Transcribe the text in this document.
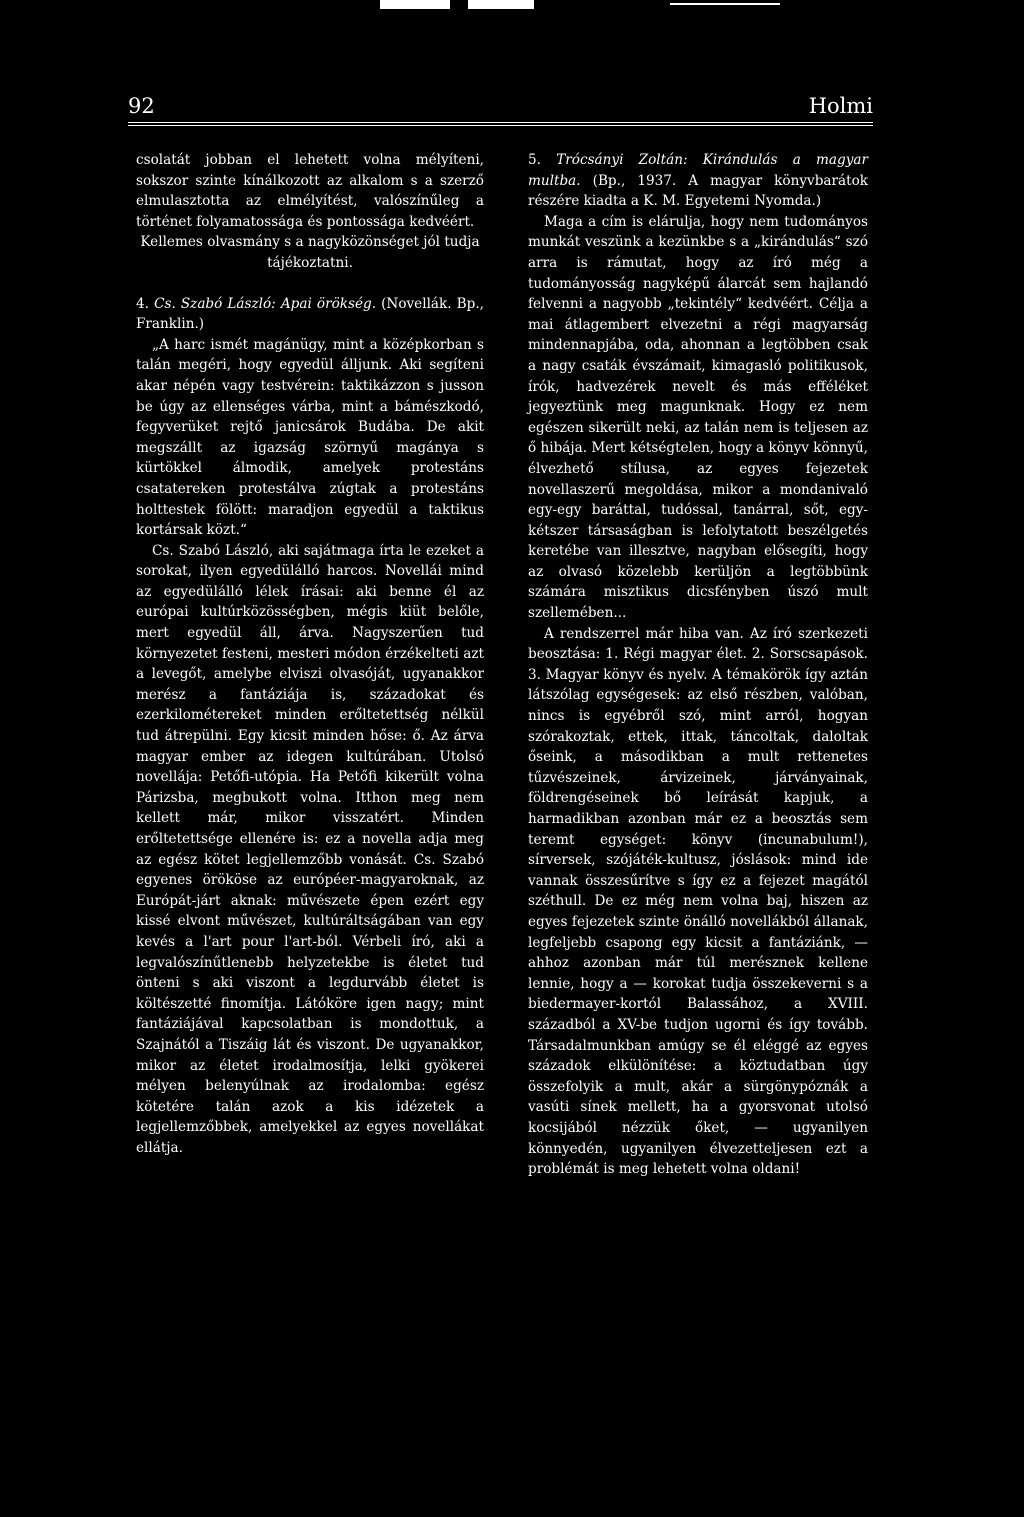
92	Holmi

csolatát jobban el lehetett volna mélyíteni, sokszor szinte kínálkozott az alkalom s a szerző elmulasztotta az elmélyítést, valószínűleg a történet folyamatossága és pontossága kedvéért.

Kellemes olvasmány s a nagyközönséget jól tudja tájékoztatni.

4. Cs. Szabó László: Apai örökség. (Novellák. Bp., Franklin.)

„A harc ismét magánügy, mint a középkorban s talán megéri, hogy egyedül álljunk. Aki segíteni akar népén vagy testvérein: taktikázzon s jusson be úgy az ellenséges várba, mint a bámészkodó, fegyverüket rejtő janicsárok Budába. De akit megszállt az igazság szörnyű magánya s kürtökkel álmodik, amelyek protestáns csatatereken protestálva zúgtak a protestáns holttestek fölött: maradjon egyedül a taktikus kortársak közt.“

Cs. Szabó László, aki sajátmaga írta le ezeket a sorokat, ilyen egyedülálló harcos. Novellái mind az egyedülálló lélek írásai: aki benne él az európai kultúrközösségben, mégis kiüt belőle, mert egyedül áll, árva. Nagyszerűen tud környezetet festeni, mesteri módon érzékelteti azt a levegőt, amelybe elviszi olvasóját, ugyanakkor merész a fantáziája is, századokat és ezerkilométereket minden erőltetettség nélkül tud átrepülni. Egy kicsit minden hőse: ő. Az árva magyar ember az idegen kultúrában. Utolsó novellája: Petőfi-utópia. Ha Petőfi kikerült volna Párizsba, megbukott volna. Itthon meg nem kellett már, mikor visszatért. Minden erőltetettsége ellenére is: ez a novella adja meg az egész kötet legjellemzőbb vonását. Cs. Szabó egyenes örököse az európéer-magyaroknak, az Európát-járt aknak: művészete épen ezért egy kissé elvont művészet, kultúráltságában van egy kevés a l'art pour l'art-ból. Vérbeli író, aki a legvalószínűtlenebb helyzetekbe is életet tud önteni s aki viszont a legdurvább életet is költészetté finomítja. Látóköre igen nagy; mint fantáziájával kapcsolatban is mondottuk, a Szajnától a Tiszáig lát és viszont. De ugyanakkor, mikor az életet irodalmosítja, lelki gyökerei mélyen belenyúlnak az irodalomba: egész kötetére talán azok a kis idézetek a legjellemzőbbek, amelyekkel az egyes novellákat ellátja.

5. Trócsányi Zoltán: Kirándulás a magyar multba. (Bp., 1937. A magyar könyvbarátok részére kiadta a K. M. Egyetemi Nyomda.)

Maga a cím is elárulja, hogy nem tudományos munkát veszünk a kezünkbe s a „kirándulás“ szó arra is rámutat, hogy az író még a tudományosság nagyképű álarcát sem hajlandó felvenni a nagyobb „tekintély“ kedvéért. Célja a mai átlagembert elvezetni a régi magyarság mindennapjába, oda, ahonnan a legtöbben csak a nagy csaták évszámait, kimagasló politikusok, írók, hadvezérek nevelt és más efféléket jegyeztünk meg magunknak. Hogy ez nem egészen sikerült neki, az talán nem is teljesen az ő hibája. Mert kétségtelen, hogy a könyv könnyű, élvezhető stílusa, az egyes fejezetek novellaszerű megoldása, mikor a mondanivaló egy-egy baráttal, tudóssal, tanárral, sőt, egy-kétszer társaságban is lefolytatott beszélgetés keretébe van illesztve, nagyban elősegíti, hogy az olvasó közelebb kerüljön a legtöbbünk számára misztikus dicsfényben úszó mult szellemében...

A rendszerrel már hiba van. Az író szerkezeti beosztása: 1. Régi magyar élet. 2. Sorscsapások. 3. Magyar könyv és nyelv. A témakörök így aztán látszólag egységesek: az első részben, valóban, nincs is egyébről szó, mint arról, hogyan szórakoztak, ettek, ittak, táncoltak, daloltak őseink, a másodikban a mult rettenetes tűzvészeinek, árvizeinek, járványainak, földrengéseinek bő leírását kapjuk, a harmadikban azonban már ez a beosztás sem teremt egységet: könyv (incunabulum!), sírversek, szójáték-kultusz, jóslások: mind ide vannak összesűrítve s így ez a fejezet magától széthull. De ez még nem volna baj, hiszen az egyes fejezetek szinte önálló novellákból állanak, legfeljebb csapong egy kicsit a fantáziánk, — ahhoz azonban már túl merésznek kellene lennie, hogy a — korokat tudja összekeverni s a biedermayer-kortól Balassához, a XVIII. századból a XV-be tudjon ugorni és így tovább. Társadalmunkban amúgy se él eléggé az egyes századok elkülönítése: a köztudatban úgy összefolyik a mult, akár a sürgönypóznák a vasúti sínek mellett, ha a gyorsvonat utolsó kocsijából nézzük őket, — ugyanilyen könnyedén, ugyanilyen élvezetteljesen ezt a problémát is meg lehetett volna oldani!
